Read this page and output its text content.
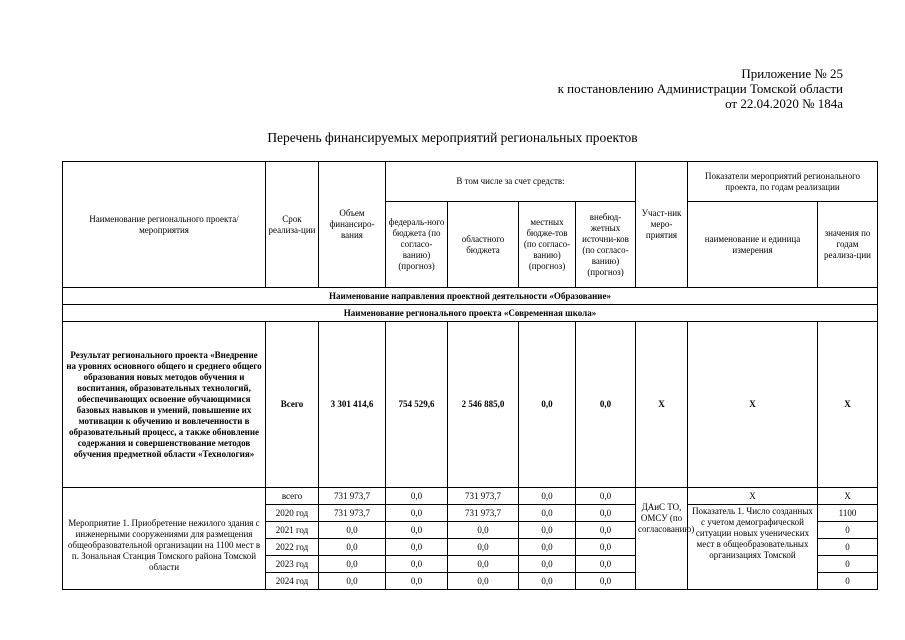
Приложение № 25
к постановлению Администрации Томской области
от 22.04.2020 № 184а
Перечень финансируемых мероприятий региональных проектов
Наименование регионального проекта/ мероприятия	Срок реализа-ции	Объем финансиро-вания	В том числе за счет средств:				Участ-ник меро-приятия	Показатели мероприятий регионального проекта, по годам реализации	
			федераль-ного бюджета (по согласо-ванию) (прогноз)	областного бюджета	местных бюдже-тов (по согласо-ванию) (прогноз)	внебюд-жетных источни-ков (по согласо-ванию) (прогноз)		наименование и единица измерения	значения по годам реализа-ции
Наименование направления проектной деятельности «Образование»									
Наименование регионального проекта «Современная школа»									
Результат регионального проекта «Внедрение на уровнях основного общего и среднего общего образования новых методов обучения и воспитания, образовательных технологий, обеспечивающих освоение обучающимися базовых навыков и умений, повышение их мотивации к обучению и вовлеченности в образовательный процесс, а также обновление содержания и совершенствование методов обучения предметной области «Технология»	Всего	3 301 414,6	754 529,6	2 546 885,0	0,0	0,0	Х	Х	Х
Мероприятие 1. Приобретение нежилого здания с инженерными сооружениями для размещения общеобразовательной организации на 1100 мест в п. Зональная Станция Томского района Томской области	всего	731 973,7	0,0	731 973,7	0,0	0,0	ДАиС ТО, ОМСУ (по согласованию)	Х	Х
	2020 год	731 973,7	0,0	731 973,7	0,0	0,0		Показатель 1. Число созданных с учетом демографической ситуации новых ученических мест в общеобразовательных организациях Томской	1100
	2021 год	0,0	0,0	0,0	0,0	0,0			0
	2022 год	0,0	0,0	0,0	0,0	0,0			0
	2023 год	0,0	0,0	0,0	0,0	0,0			0
	2024 год	0,0	0,0	0,0	0,0	0,0			0
